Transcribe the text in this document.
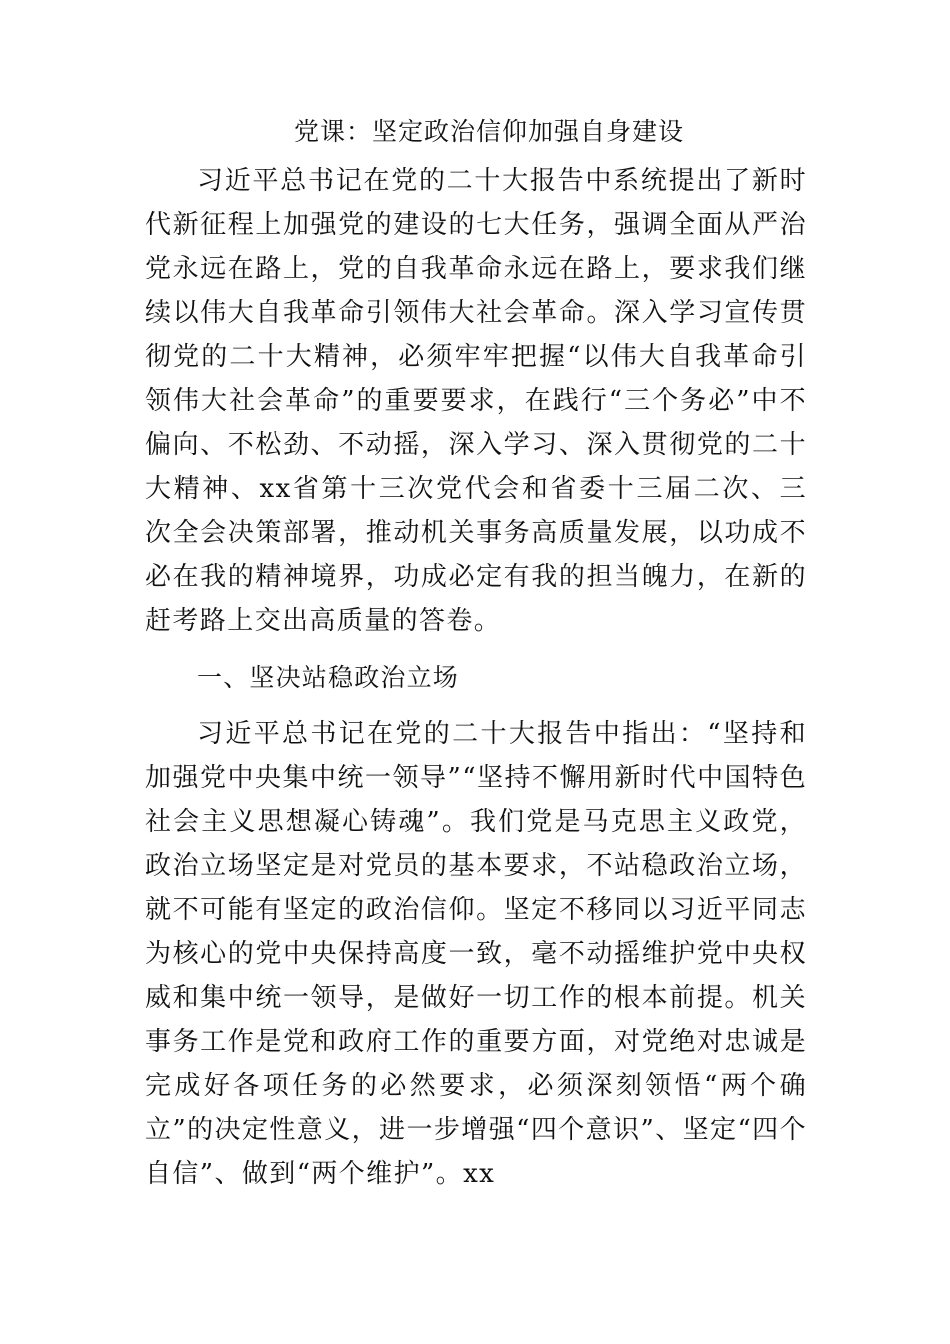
党课：坚定政治信仰加强自身建设

习近平总书记在党的二十大报告中系统提出了新时代新征程上加强党的建设的七大任务，强调全面从严治党永远在路上，党的自我革命永远在路上，要求我们继续以伟大自我革命引领伟大社会革命。深入学习宣传贯彻党的二十大精神，必须牢牢把握“以伟大自我革命引领伟大社会革命”的重要要求，在践行“三个务必”中不偏向、不松劲、不动摇，深入学习、深入贯彻党的二十大精神、xx省第十三次党代会和省委十三届二次、三次全会决策部署，推动机关事务高质量发展，以功成不必在我的精神境界，功成必定有我的担当魄力，在新的赶考路上交出高质量的答卷。

一、坚决站稳政治立场

习近平总书记在党的二十大报告中指出：“坚持和加强党中央集中统一领导”“坚持不懈用新时代中国特色社会主义思想凝心铸魂”。我们党是马克思主义政党，政治立场坚定是对党员的基本要求，不站稳政治立场，就不可能有坚定的政治信仰。坚定不移同以习近平同志为核心的党中央保持高度一致，毫不动摇维护党中央权威和集中统一领导，是做好一切工作的根本前提。机关事务工作是党和政府工作的重要方面，对党绝对忠诚是完成好各项任务的必然要求，必须深刻领悟“两个确立”的决定性意义，进一步增强“四个意识”、坚定“四个自信”、做到“两个维护”。xx
